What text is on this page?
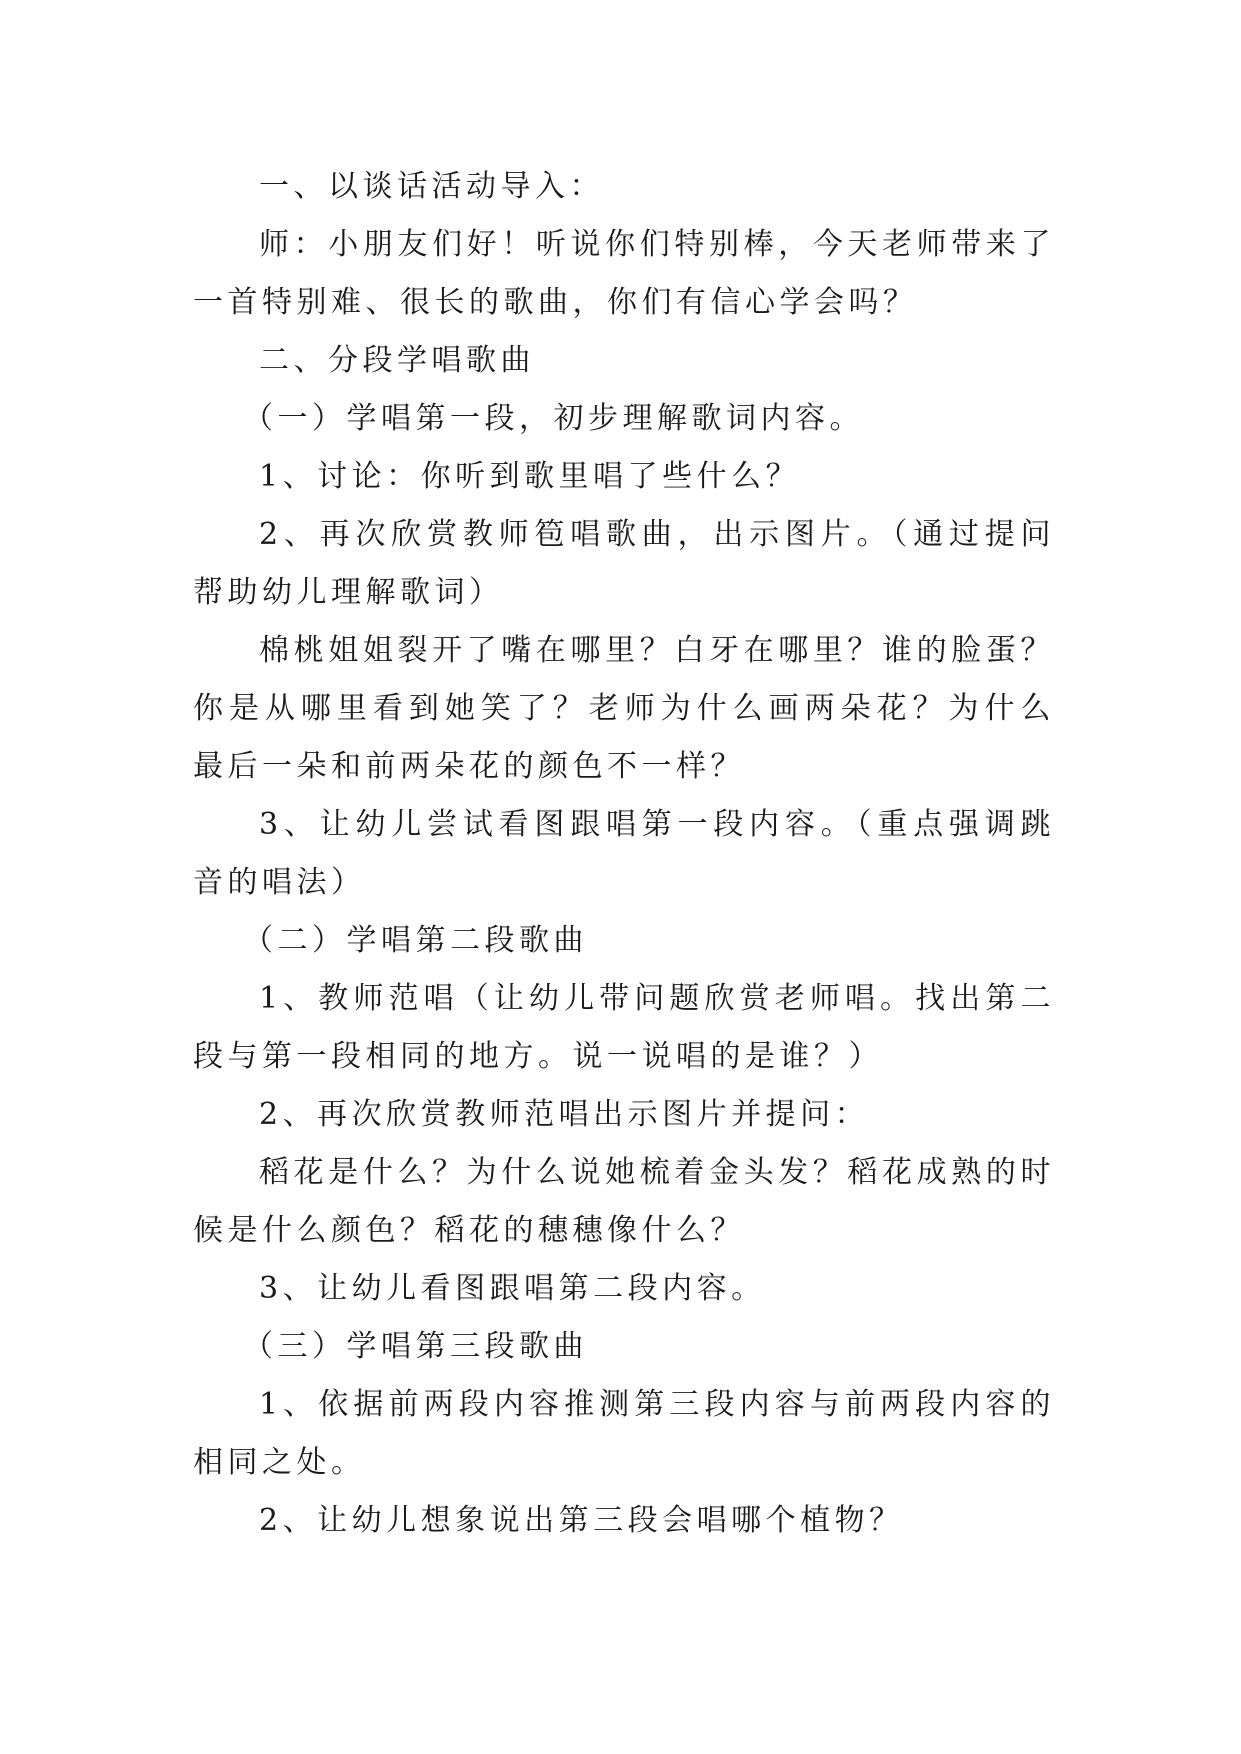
一、以谈话活动导入：

师：小朋友们好！听说你们特别棒，今天老师带来了一首特别难、很长的歌曲，你们有信心学会吗？

二、分段学唱歌曲

（一）学唱第一段，初步理解歌词内容。

1、讨论：你听到歌里唱了些什么？

2、再次欣赏教师笣唱歌曲，出示图片。（通过提问帮助幼儿理解歌词）

棉桃姐姐裂开了嘴在哪里？白牙在哪里？谁的脸蛋？你是从哪里看到她笑了？老师为什么画两朵花？为什么最后一朵和前两朵花的颜色不一样？

3、让幼儿尝试看图跟唱第一段内容。（重点强调跳音的唱法）

（二）学唱第二段歌曲

1、教师范唱（让幼儿带问题欣赏老师唱。找出第二段与第一段相同的地方。说一说唱的是谁？）

2、再次欣赏教师范唱出示图片并提问：

稻花是什么？为什么说她梳着金头发？稻花成熟的时候是什么颜色？稻花的穗穗像什么？

3、让幼儿看图跟唱第二段内容。

（三）学唱第三段歌曲

1、依据前两段内容推测第三段内容与前两段内容的相同之处。

2、让幼儿想象说出第三段会唱哪个植物？
